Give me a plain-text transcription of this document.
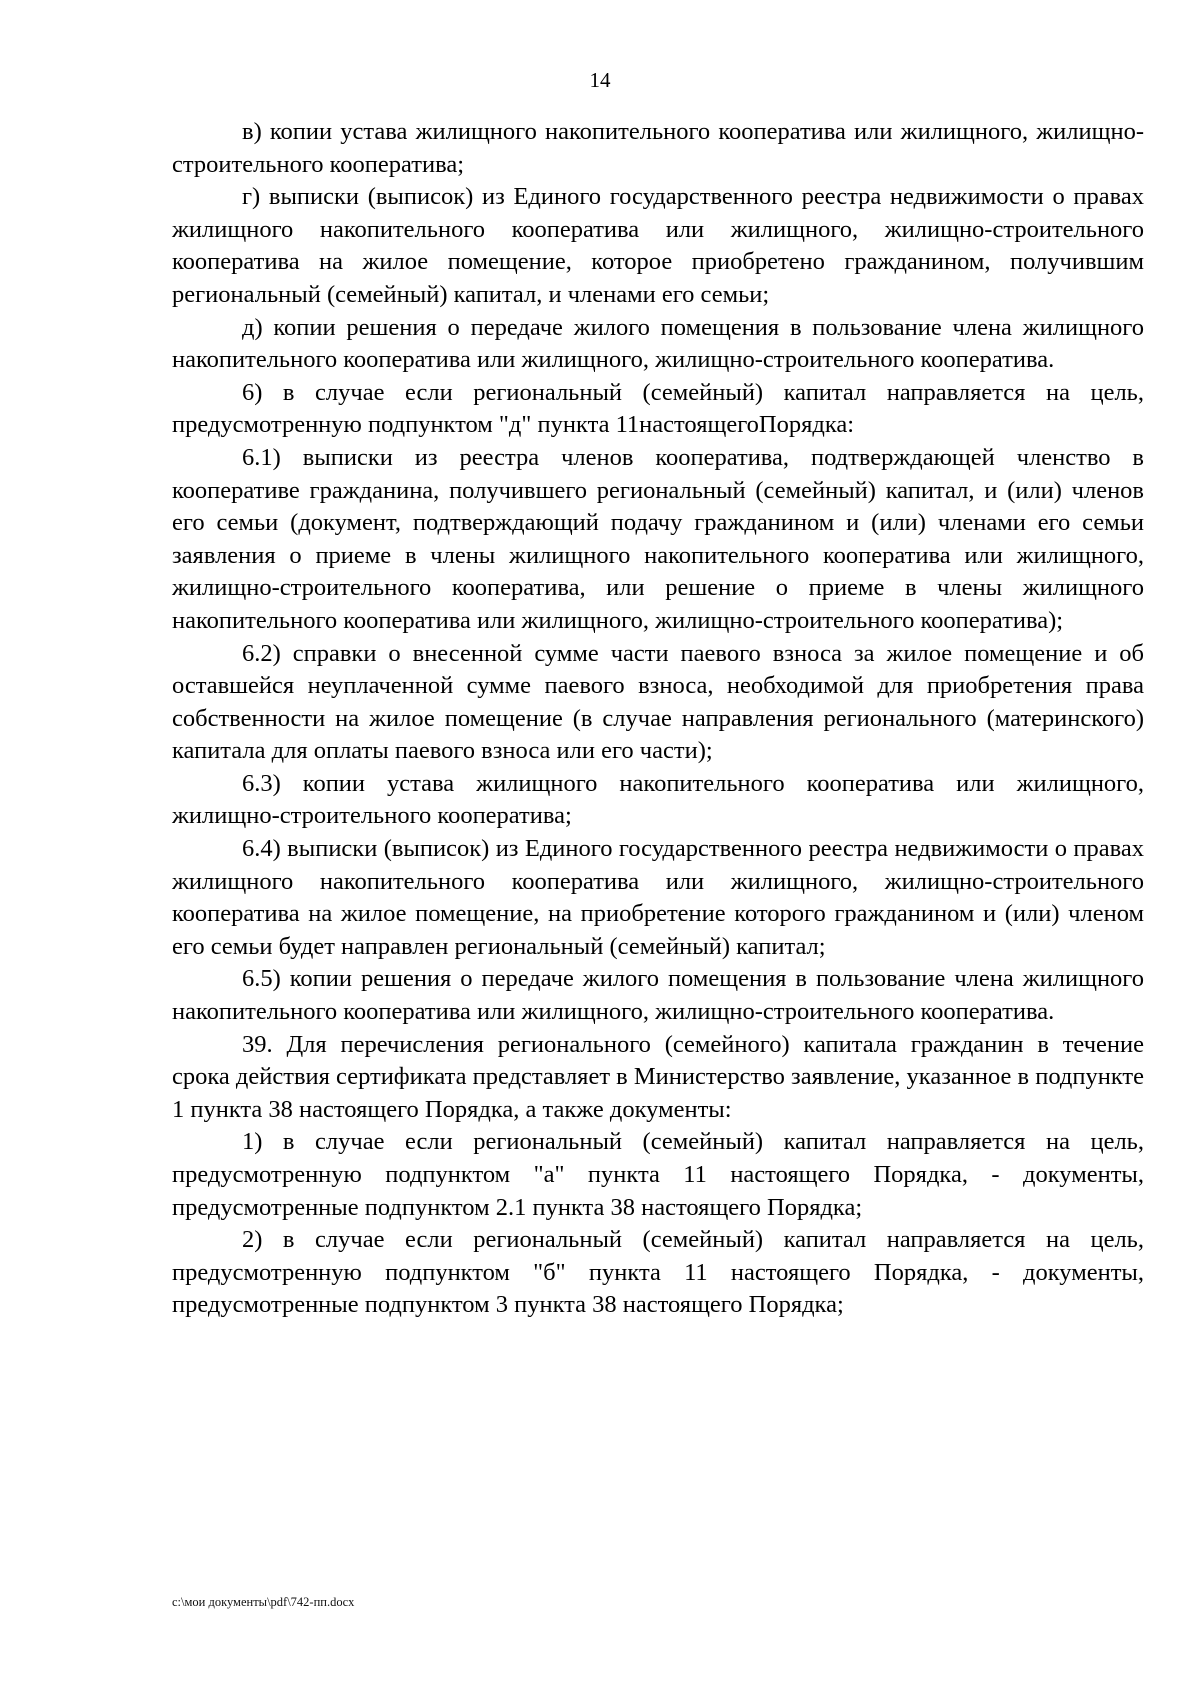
14

в) копии устава жилищного накопительного кооператива или жилищного, жилищно-строительного кооператива;

г) выписки (выписок) из Единого государственного реестра недвижимости о правах жилищного накопительного кооператива или жилищного, жилищно-строительного кооператива на жилое помещение, которое приобретено гражданином, получившим региональный (семейный) капитал, и членами его семьи;

д) копии решения о передаче жилого помещения в пользование члена жилищного накопительного кооператива или жилищного, жилищно-строительного кооператива.

6) в случае если региональный (семейный) капитал направляется на цель, предусмотренную подпунктом "д" пункта 11настоящегоПорядка:

6.1) выписки из реестра членов кооператива, подтверждающей членство в кооперативе гражданина, получившего региональный (семейный) капитал, и (или) членов его семьи (документ, подтверждающий подачу гражданином и (или) членами его семьи заявления о приеме в члены жилищного накопительного кооператива или жилищного, жилищно-строительного кооператива, или решение о приеме в члены жилищного накопительного кооператива или жилищного, жилищно-строительного кооператива);

6.2) справки о внесенной сумме части паевого взноса за жилое помещение и об оставшейся неуплаченной сумме паевого взноса, необходимой для приобретения права собственности на жилое помещение (в случае направления регионального (материнского) капитала для оплаты паевого взноса или его части);

6.3) копии устава жилищного накопительного кооператива или жилищного, жилищно-строительного кооператива;

6.4) выписки (выписок) из Единого государственного реестра недвижимости о правах жилищного накопительного кооператива или жилищного, жилищно-строительного кооператива на жилое помещение, на приобретение которого гражданином и (или) членом его семьи будет направлен региональный (семейный) капитал;

6.5) копии решения о передаче жилого помещения в пользование члена жилищного накопительного кооператива или жилищного, жилищно-строительного кооператива.

39. Для перечисления регионального (семейного) капитала гражданин в течение срока действия сертификата представляет в Министерство заявление, указанное в подпункте 1 пункта 38 настоящего Порядка, а также документы:

1) в случае если региональный (семейный) капитал направляется на цель, предусмотренную подпунктом "а" пункта 11 настоящего Порядка, - документы, предусмотренные подпунктом 2.1 пункта 38 настоящего Порядка;

2) в случае если региональный (семейный) капитал направляется на цель, предусмотренную подпунктом "б" пункта 11 настоящего Порядка, - документы, предусмотренные подпунктом 3 пункта 38 настоящего Порядка;

c:\мои документы\pdf\742-пп.docx
